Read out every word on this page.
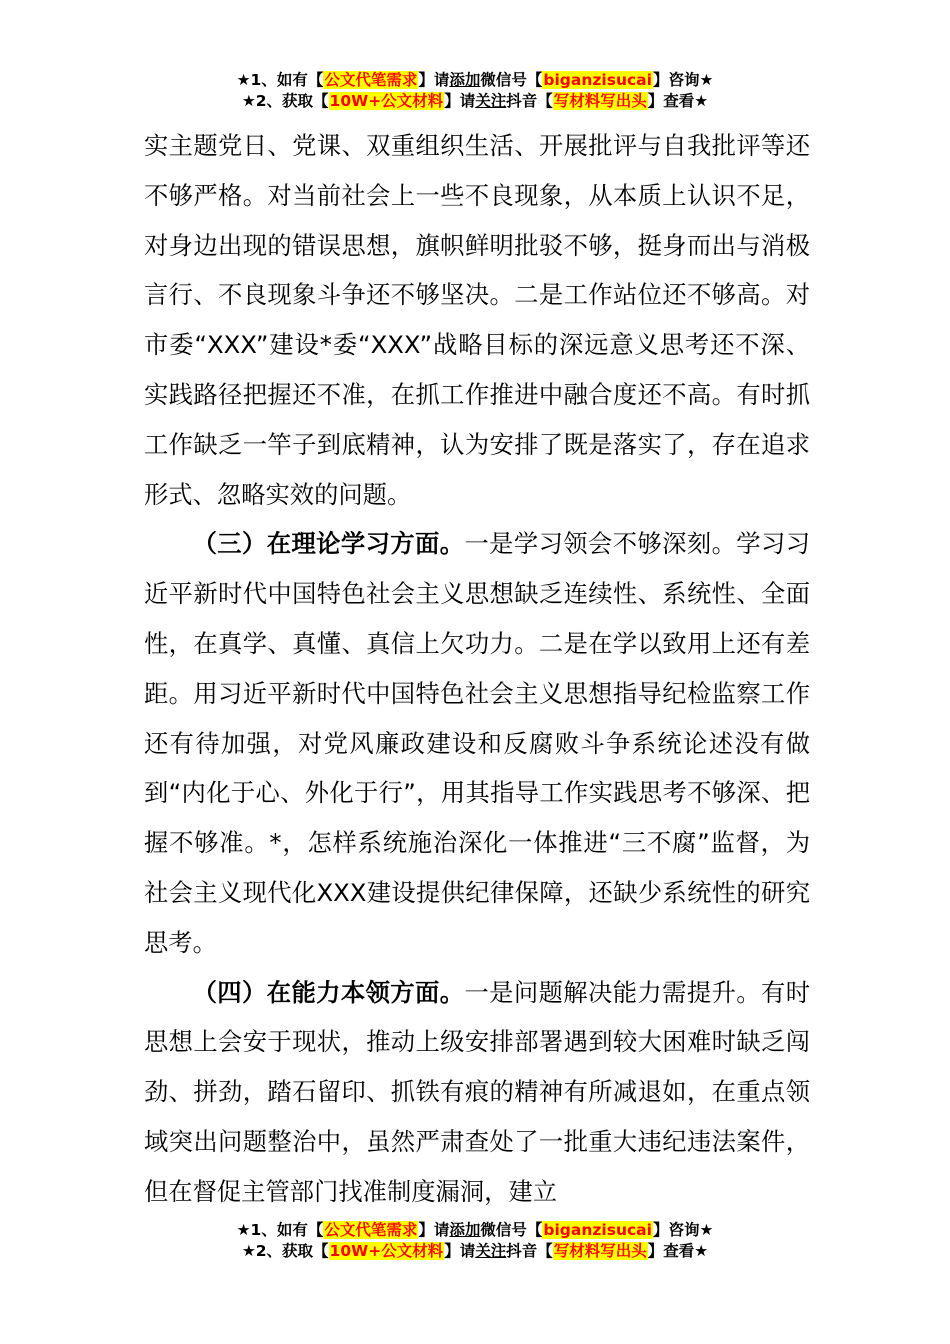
★1、如有【公文代笔需求】请添加微信号【biganzisucai】咨询★
★2、获取【10W+公文材料】请关注抖音【写材料写出头】查看★

实主题党日、党课、双重组织生活、开展批评与自我批评等还不够严格。对当前社会上一些不良现象，从本质上认识不足，对身边出现的错误思想，旗帜鲜明批驳不够，挺身而出与消极言行、不良现象斗争还不够坚决。二是工作站位还不够高。对市委“XXX”建设*委“XXX”战略目标的深远意义思考还不深、实践路径把握还不准，在抓工作推进中融合度还不高。有时抓工作缺乏一竿子到底精神，认为安排了既是落实了，存在追求形式、忽略实效的问题。

（三）在理论学习方面。一是学习领会不够深刻。学习习近平新时代中国特色社会主义思想缺乏连续性、系统性、全面性，在真学、真懂、真信上欠功力。二是在学以致用上还有差距。用习近平新时代中国特色社会主义思想指导纪检监察工作还有待加强，对党风廉政建设和反腐败斗争系统论述没有做到“内化于心、外化于行”，用其指导工作实践思考不够深、把握不够准。*，怎样系统施治深化一体推进“三不腐”监督，为社会主义现代化XXX建设提供纪律保障，还缺少系统性的研究思考。

（四）在能力本领方面。一是问题解决能力需提升。有时思想上会安于现状，推动上级安排部署遇到较大困难时缺乏闯劲、拼劲，踏石留印、抓铁有痕的精神有所减退如，在重点领域突出问题整治中，虽然严肃查处了一批重大违纪违法案件，但在督促主管部门找准制度漏洞，建立

★1、如有【公文代笔需求】请添加微信号【biganzisucai】咨询★
★2、获取【10W+公文材料】请关注抖音【写材料写出头】查看★
